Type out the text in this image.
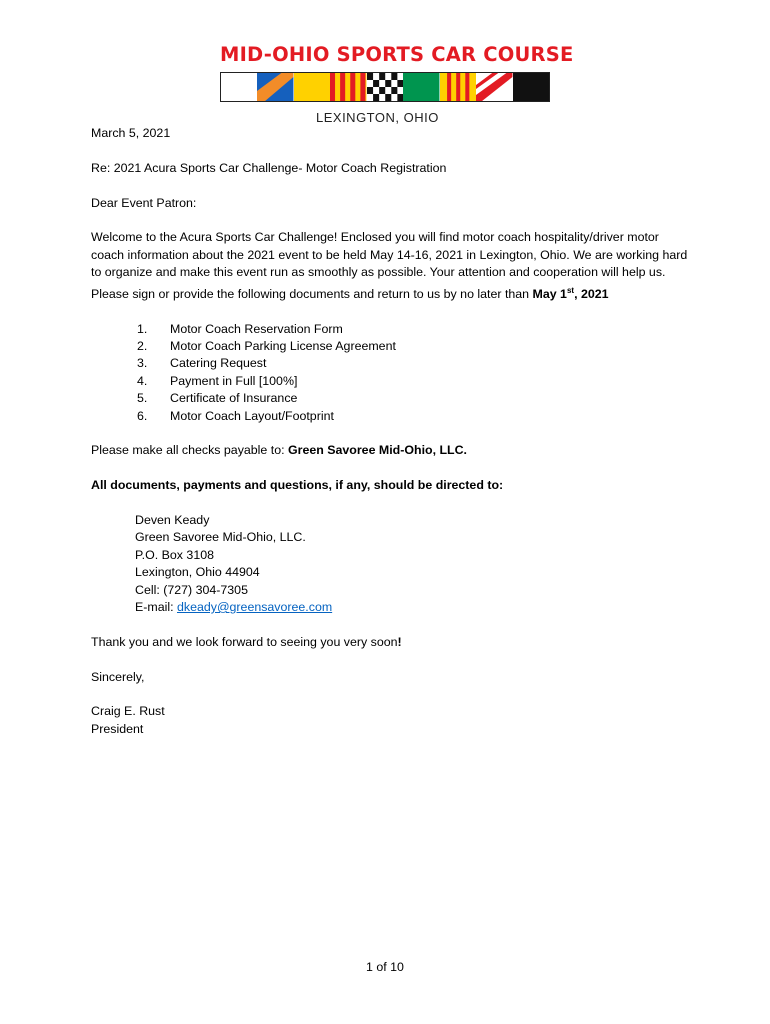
MID-OHIO SPORTS CAR COURSE
LEXINGTON, OHIO

March 5, 2021

Re: 2021 Acura Sports Car Challenge- Motor Coach Registration

Dear Event Patron:

Welcome to the Acura Sports Car Challenge! Enclosed you will find motor coach hospitality/driver motor coach information about the 2021 event to be held May 14-16, 2021 in Lexington, Ohio. We are working hard to organize and make this event run as smoothly as possible. Your attention and cooperation will help us. Please sign or provide the following documents and return to us by no later than May 1st, 2021

1.	Motor Coach Reservation Form
2.	Motor Coach Parking License Agreement
3.	Catering Request
4.	Payment in Full [100%]
5.	Certificate of Insurance
6.	Motor Coach Layout/Footprint

Please make all checks payable to: Green Savoree Mid-Ohio, LLC.

All documents, payments and questions, if any, should be directed to:

Deven Keady
Green Savoree Mid-Ohio, LLC.
P.O. Box 3108
Lexington, Ohio 44904
Cell: (727) 304-7305
E-mail: dkeady@greensavoree.com

Thank you and we look forward to seeing you very soon!

Sincerely,

Craig E. Rust
President
1 of 10
